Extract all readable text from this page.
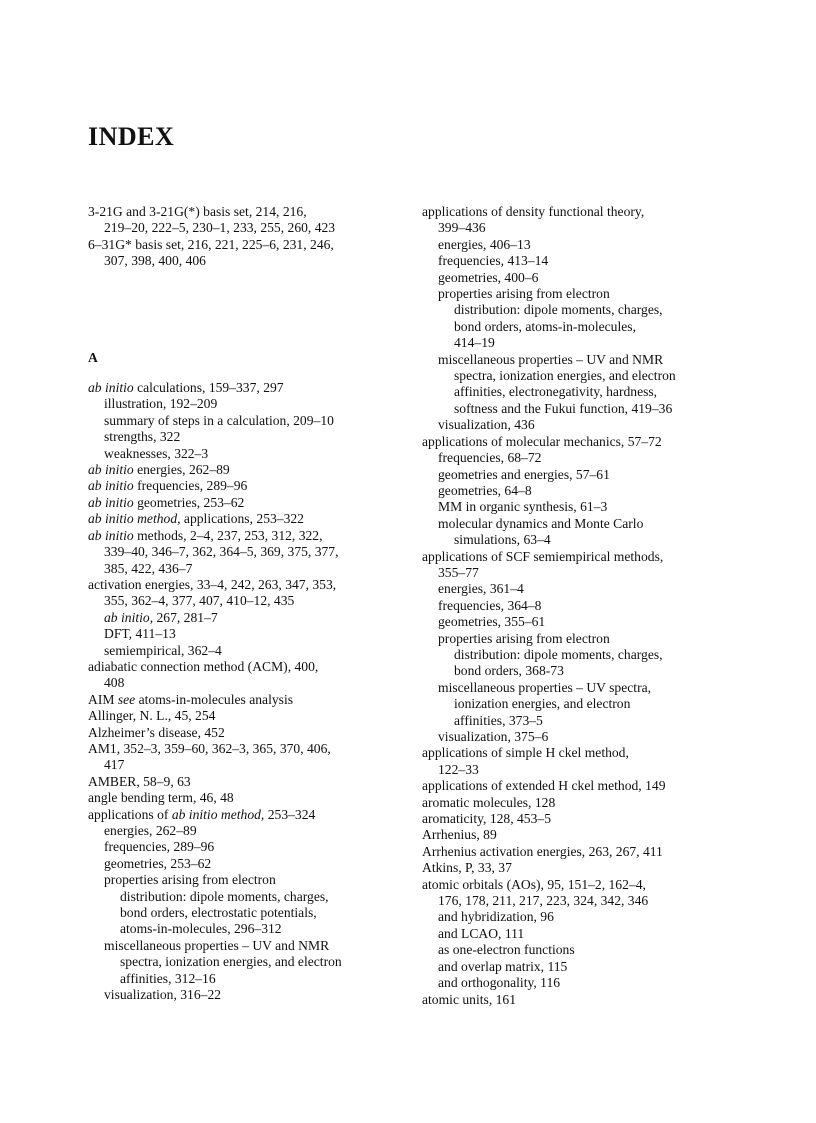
INDEX
3-21G and 3-21G(*) basis set, 214, 216,
219–20, 222–5, 230–1, 233, 255, 260, 423
6–31G* basis set, 216, 221, 225–6, 231, 246,
307, 398, 400, 406
A
ab initio calculations, 159–337, 297
illustration, 192–209
summary of steps in a calculation, 209–10
strengths, 322
weaknesses, 322–3
ab initio energies, 262–89
ab initio frequencies, 289–96
ab initio geometries, 253–62
ab initio method, applications, 253–322
ab initio methods, 2–4, 237, 253, 312, 322,
339–40, 346–7, 362, 364–5, 369, 375, 377,
385, 422, 436–7
activation energies, 33–4, 242, 263, 347, 353,
355, 362–4, 377, 407, 410–12, 435
ab initio, 267, 281–7
DFT, 411–13
semiempirical, 362–4
adiabatic connection method (ACM), 400,
408
AIM see atoms-in-molecules analysis
Allinger, N. L., 45, 254
Alzheimer’s disease, 452
AM1, 352–3, 359–60, 362–3, 365, 370, 406,
417
AMBER, 58–9, 63
angle bending term, 46, 48
applications of ab initio method, 253–324
energies, 262–89
frequencies, 289–96
geometries, 253–62
properties arising from electron
distribution: dipole moments, charges,
bond orders, electrostatic potentials,
atoms-in-molecules, 296–312
miscellaneous properties – UV and NMR
spectra, ionization energies, and electron
affinities, 312–16
visualization, 316–22
applications of density functional theory,
399–436
energies, 406–13
frequencies, 413–14
geometries, 400–6
properties arising from electron
distribution: dipole moments, charges,
bond orders, atoms-in-molecules,
414–19
miscellaneous properties – UV and NMR
spectra, ionization energies, and electron
affinities, electronegativity, hardness,
softness and the Fukui function, 419–36
visualization, 436
applications of molecular mechanics, 57–72
frequencies, 68–72
geometries and energies, 57–61
geometries, 64–8
MM in organic synthesis, 61–3
molecular dynamics and Monte Carlo
simulations, 63–4
applications of SCF semiempirical methods,
355–77
energies, 361–4
frequencies, 364–8
geometries, 355–61
properties arising from electron
distribution: dipole moments, charges,
bond orders, 368-73
miscellaneous properties – UV spectra,
ionization energies, and electron
affinities, 373–5
visualization, 375–6
applications of simple H ckel method,
122–33
applications of extended H ckel method, 149
aromatic molecules, 128
aromaticity, 128, 453–5
Arrhenius, 89
Arrhenius activation energies, 263, 267, 411
Atkins, P, 33, 37
atomic orbitals (AOs), 95, 151–2, 162–4,
176, 178, 211, 217, 223, 324, 342, 346
and hybridization, 96
and LCAO, 111
as one-electron functions
and overlap matrix, 115
and orthogonality, 116
atomic units, 161
